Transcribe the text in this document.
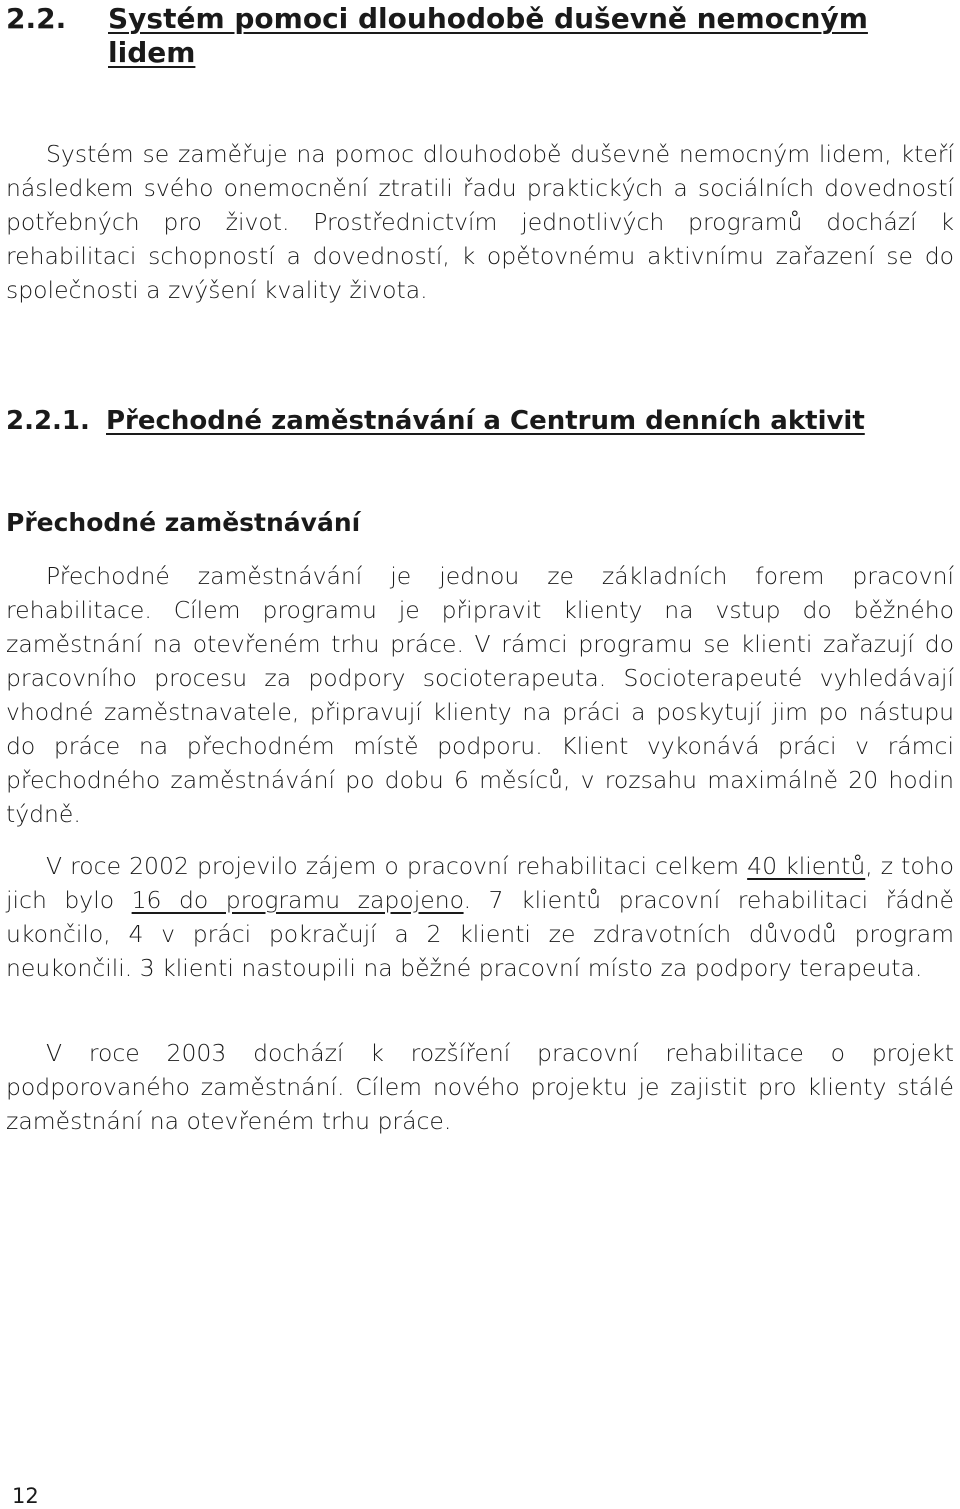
2.2. Systém pomoci dlouhodobě duševně nemocným lidem

Systém se zaměřuje na pomoc dlouhodobě duševně nemocným lidem, kteří následkem svého onemocnění ztratili řadu praktických a sociálních dovedností potřebných pro život. Prostřednictvím jednotlivých programů dochází k rehabilitaci schopností a dovedností, k opětovnému aktivnímu zařazení se do společnosti a zvýšení kvality života.

2.2.1. Přechodné zaměstnávání a Centrum denních aktivit
Přechodné zaměstnávání

Přechodné zaměstnávání je jednou ze základních forem pracovní rehabilitace. Cílem programu je připravit klienty na vstup do běžného zaměstnání na otevřeném trhu práce. V rámci programu se klienti zařazují do pracovního procesu za podpory socioterapeuta. Socioterapeuté vyhledávají vhodné zaměstnavatele, připravují klienty na práci a poskytují jim po nástupu do práce na přechodném místě podporu. Klient vykonává práci v rámci přechodného zaměstnávání po dobu 6 měsíců, v rozsahu maximálně 20 hodin týdně.

V roce 2002 projevilo zájem o pracovní rehabilitaci celkem 40 klientů, z toho jich bylo 16 do programu zapojeno. 7 klientů pracovní rehabilitaci řádně ukončilo, 4 v práci pokračují a 2 klienti ze zdravotních důvodů program neukončili. 3 klienti nastoupili na běžné pracovní místo za podpory terapeuta.

V roce 2003 dochází k rozšíření pracovní rehabilitace o projekt podporovaného zaměstnání. Cílem nového projektu je zajistit pro klienty stálé zaměstnání na otevřeném trhu práce.

12
